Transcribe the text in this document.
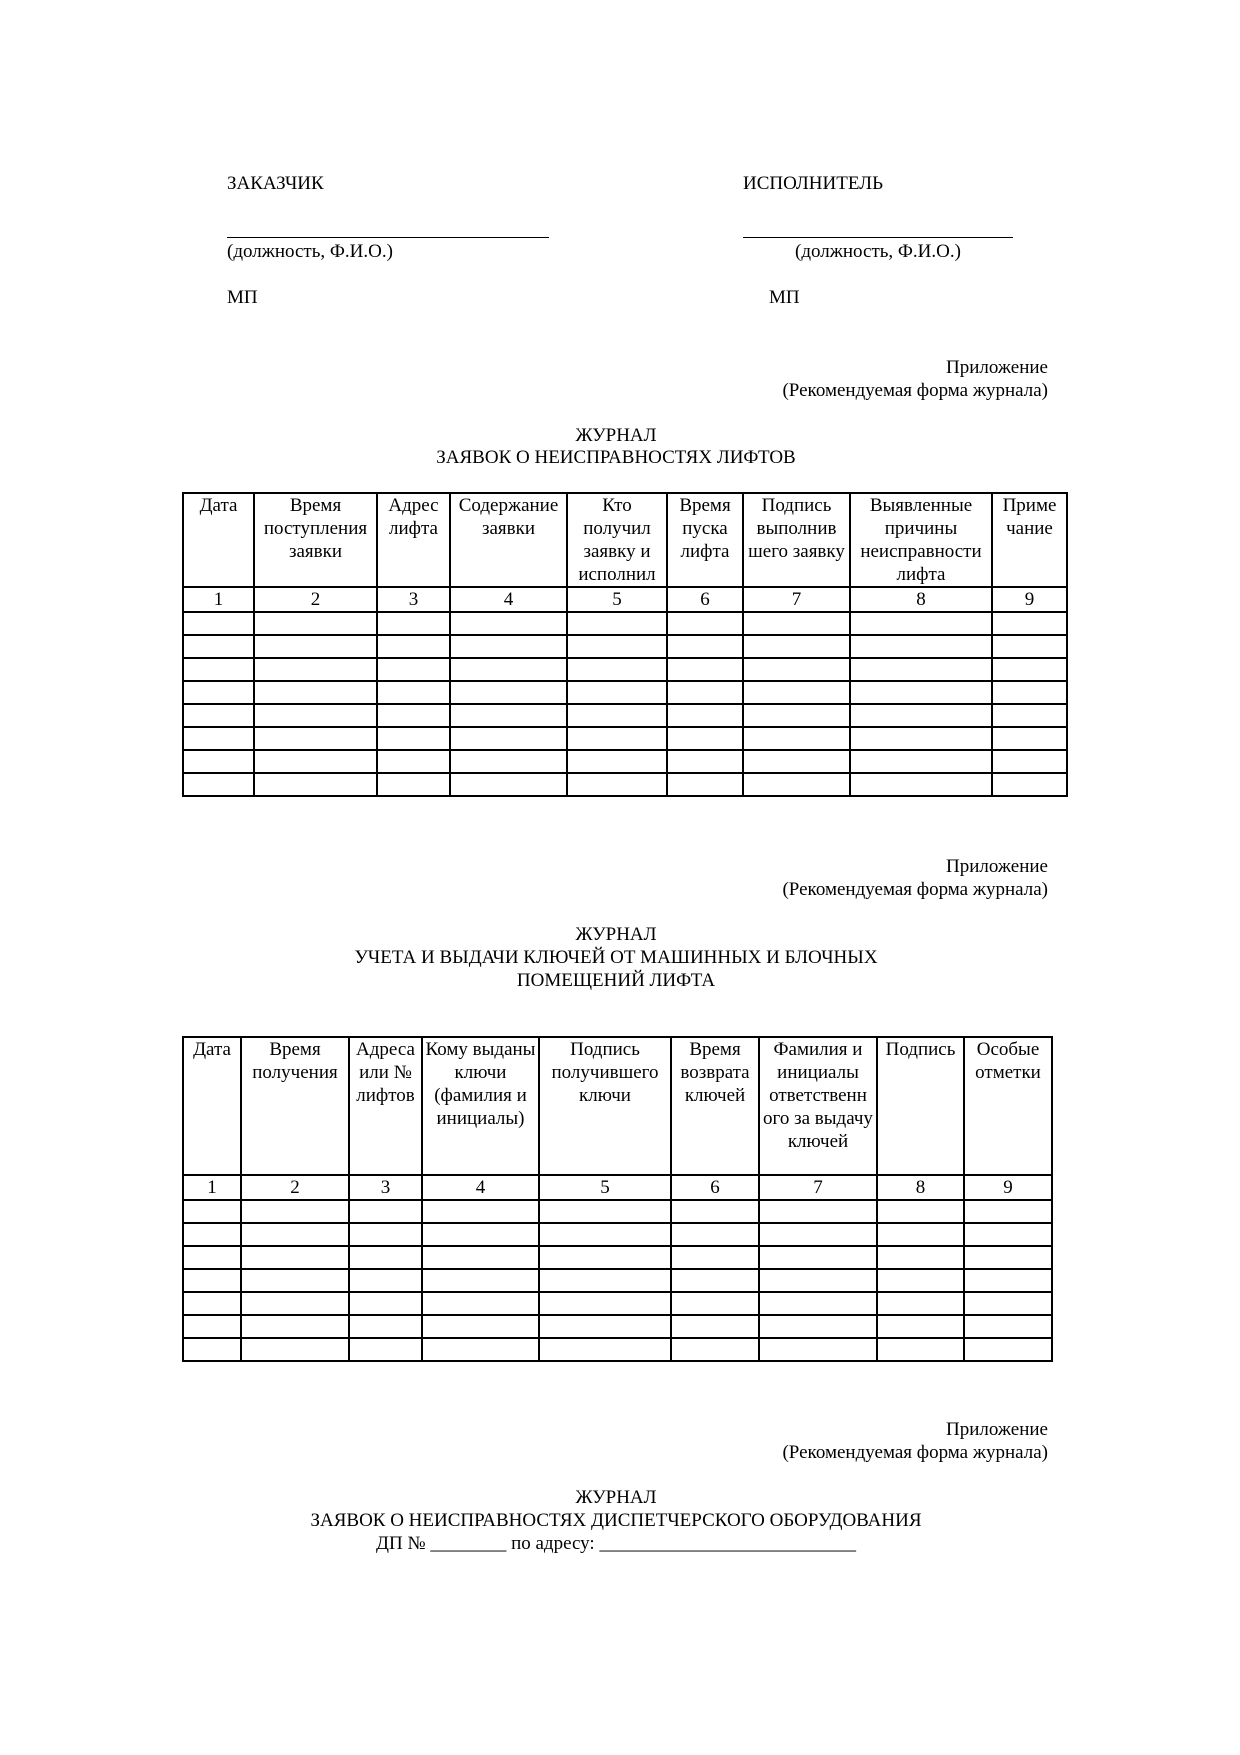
ЗАКАЗЧИК
(должность, Ф.И.О.)
МП
ИСПОЛНИТЕЛЬ
(должность, Ф.И.О.)
МП
Приложение
(Рекомендуемая форма журнала)
ЖУРНАЛ
ЗАЯВОК О НЕИСПРАВНОСТЯХ ЛИФТОВ
Дата	Время поступления заявки	Адрес лифта	Содержание заявки	Кто получил заявку и исполнил	Время пуска лифта	Подпись выполнив шего заявку	Выявленные причины неисправности лифта	Приме чание
1	2	3	4	5	6	7	8	9

Приложение
(Рекомендуемая форма журнала)
ЖУРНАЛ
УЧЕТА И ВЫДАЧИ КЛЮЧЕЙ ОТ МАШИННЫХ И БЛОЧНЫХ
ПОМЕЩЕНИЙ ЛИФТА
Дата	Время получения	Адреса или № лифтов	Кому выданы ключи (фамилия и инициалы)	Подпись получившего ключи	Время возврата ключей	Фамилия и инициалы ответственн ого за выдачу ключей	Подпись	Особые отметки
1	2	3	4	5	6	7	8	9

Приложение
(Рекомендуемая форма журнала)
ЖУРНАЛ
ЗАЯВОК О НЕИСПРАВНОСТЯХ ДИСПЕТЧЕРСКОГО ОБОРУДОВАНИЯ
ДП № ________ по адресу: ___________________________
